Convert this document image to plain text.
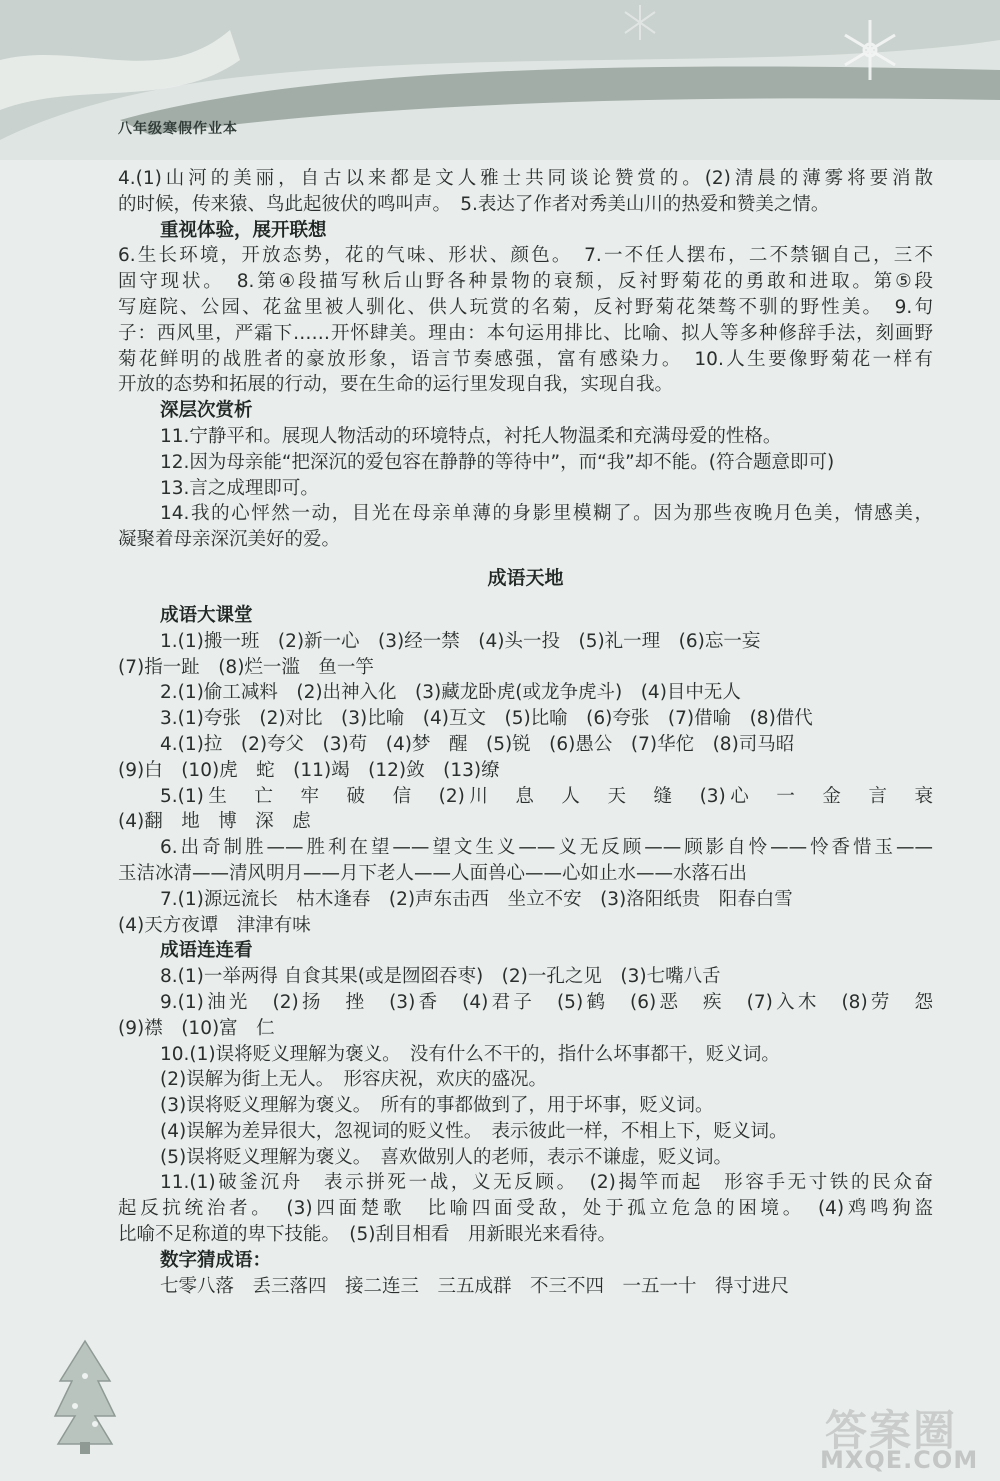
八年级寒假作业本
4.(1)山河的美丽，自古以来都是文人雅士共同谈论赞赏的。(2)清晨的薄雾将要消散
的时候，传来猿、鸟此起彼伏的鸣叫声。　5.表达了作者对秀美山川的热爱和赞美之情。
重视体验，展开联想
6.生长环境，开放态势，花的气味、形状、颜色。　7.一不任人摆布，二不禁锢自己，三不
固守现状。　8.第④段描写秋后山野各种景物的衰颓，反衬野菊花的勇敢和进取。第⑤段
写庭院、公园、花盆里被人驯化、供人玩赏的名菊，反衬野菊花桀骜不驯的野性美。　9.句
子：西风里，严霜下……开怀肆美。理由：本句运用排比、比喻、拟人等多种修辞手法，刻画野
菊花鲜明的战胜者的豪放形象，语言节奏感强，富有感染力。　10.人生要像野菊花一样有
开放的态势和拓展的行动，要在生命的运行里发现自我，实现自我。
深层次赏析
11.宁静平和。展现人物活动的环境特点，衬托人物温柔和充满母爱的性格。
12.因为母亲能“把深沉的爱包容在静静的等待中”，而“我”却不能。(符合题意即可)
13.言之成理即可。
14.我的心怦然一动，目光在母亲单薄的身影里模糊了。因为那些夜晚月色美，情感美，
凝聚着母亲深沉美好的爱。
成语天地
成语大课堂
1.(1)搬一班　(2)新一心　(3)经一禁　(4)头一投　(5)礼一理　(6)忘一妄
(7)指一趾　(8)烂一滥　鱼一竽
2.(1)偷工减料　(2)出神入化　(3)藏龙卧虎(或龙争虎斗)　(4)目中无人
3.(1)夸张　(2)对比　(3)比喻　(4)互文　(5)比喻　(6)夸张　(7)借喻　(8)借代
4.(1)拉　(2)夸父　(3)苟　(4)梦　醒　(5)锐　(6)愚公　(7)华佗　(8)司马昭
(9)白　(10)虎　蛇　(11)竭　(12)敛　(13)缭
5.(1)生　亡　牢　破　信　(2)川　息　人　天　缝　(3)心　一　金　言　衰
(4)翻　地　博　深　虑
6.出奇制胜——胜利在望——望文生义——义无反顾——顾影自怜——怜香惜玉——
玉洁冰清——清风明月——月下老人——人面兽心——心如止水——水落石出
7.(1)源远流长　枯木逢春　(2)声东击西　坐立不安　(3)洛阳纸贵　阳春白雪
(4)天方夜谭　津津有味
成语连连看
8.(1)一举两得 自食其果(或是囫囵吞枣)　(2)一孔之见　(3)七嘴八舌
9.(1)油光　(2)扬　挫　(3)香　(4)君子　(5)鹤　(6)恶　疾　(7)入木　(8)劳　怨
(9)襟　(10)富　仁
10.(1)误将贬义理解为褒义。　没有什么不干的，指什么坏事都干，贬义词。
(2)误解为街上无人。　形容庆祝，欢庆的盛况。
(3)误将贬义理解为褒义。　所有的事都做到了，用于坏事，贬义词。
(4)误解为差异很大，忽视词的贬义性。　表示彼此一样，不相上下，贬义词。
(5)误将贬义理解为褒义。　喜欢做别人的老师，表示不谦虚，贬义词。
11.(1)破釜沉舟　表示拼死一战，义无反顾。　(2)揭竿而起　形容手无寸铁的民众奋
起反抗统治者。　(3)四面楚歌　比喻四面受敌，处于孤立危急的困境。　(4)鸡鸣狗盗
比喻不足称道的卑下技能。　(5)刮目相看　用新眼光来看待。
数字猜成语：
七零八落　丢三落四　接二连三　三五成群　不三不四　一五一十　得寸进尺
答案圈
MXQE.COM
